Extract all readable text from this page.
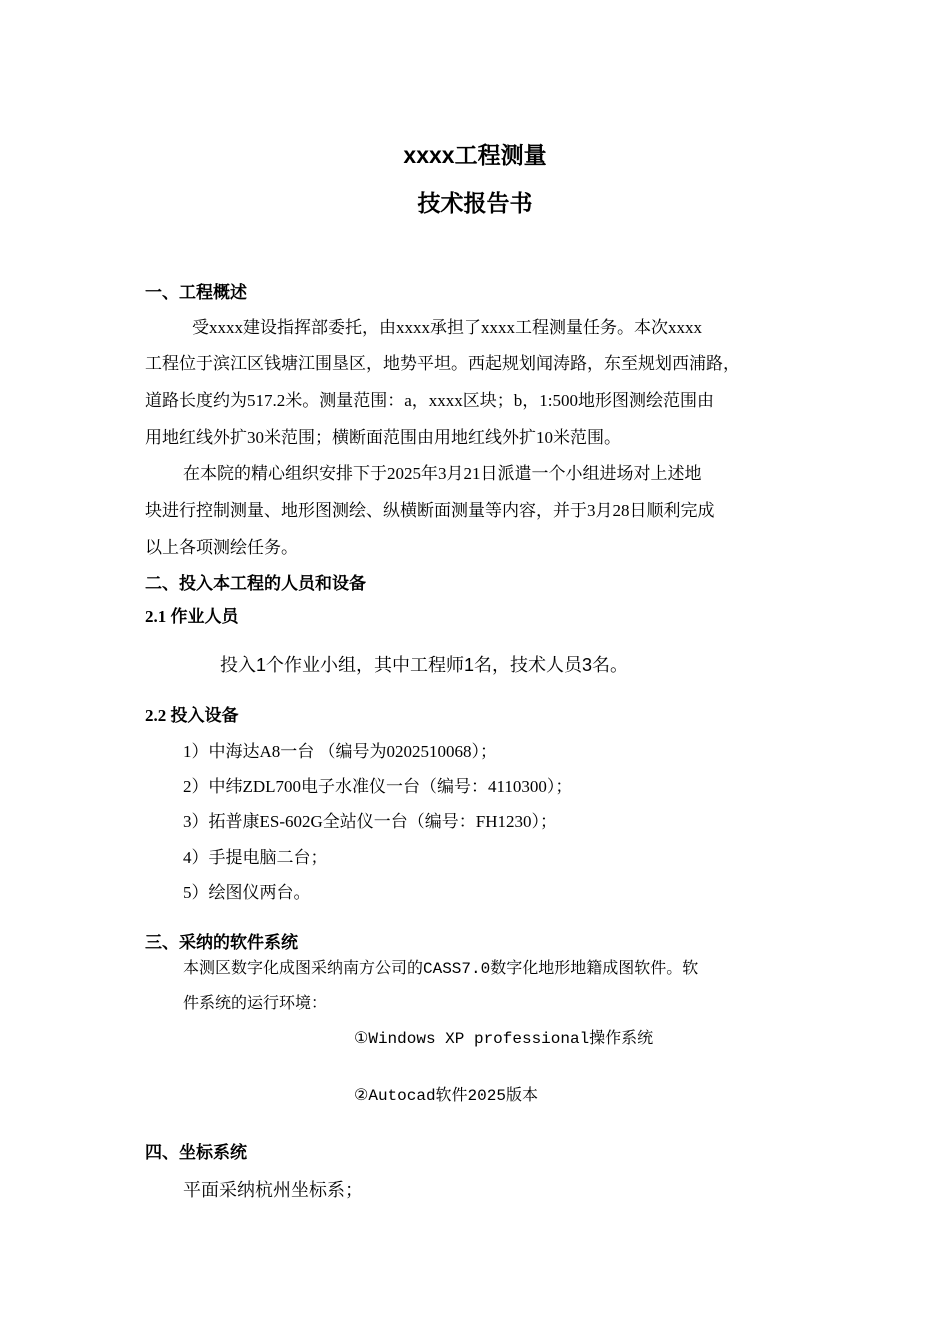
xxxx工程测量
技术报告书
一、工程概述
受xxxx建设指挥部委托，由xxxx承担了xxxx工程测量任务。本次xxxx
工程位于滨江区钱塘江围垦区，地势平坦。西起规划闻涛路，东至规划西浦路，
道路长度约为517.2米。测量范围：a，xxxx区块；b，1:500地形图测绘范围由
用地红线外扩30米范围；横断面范围由用地红线外扩10米范围。
在本院的精心组织安排下于2025年3月21日派遣一个小组进场对上述地
块进行控制测量、地形图测绘、纵横断面测量等内容，并于3月28日顺利完成
以上各项测绘任务。
二、投入本工程的人员和设备
2.1 作业人员
投入1个作业小组，其中工程师1名，技术人员3名。
2.2 投入设备
1）中海达A8一台 （编号为0202510068）；
2）中纬ZDL700电子水准仪一台（编号：4110300）；
3）拓普康ES-602G全站仪一台（编号：FH1230）；
4）手提电脑二台；
5）绘图仪两台。
三、采纳的软件系统
本测区数字化成图采纳南方公司的CASS7.0数字化地形地籍成图软件。软
件系统的运行环境：
①Windows XP professional操作系统
②Autocad软件2025版本
四、坐标系统
平面采纳杭州坐标系；
